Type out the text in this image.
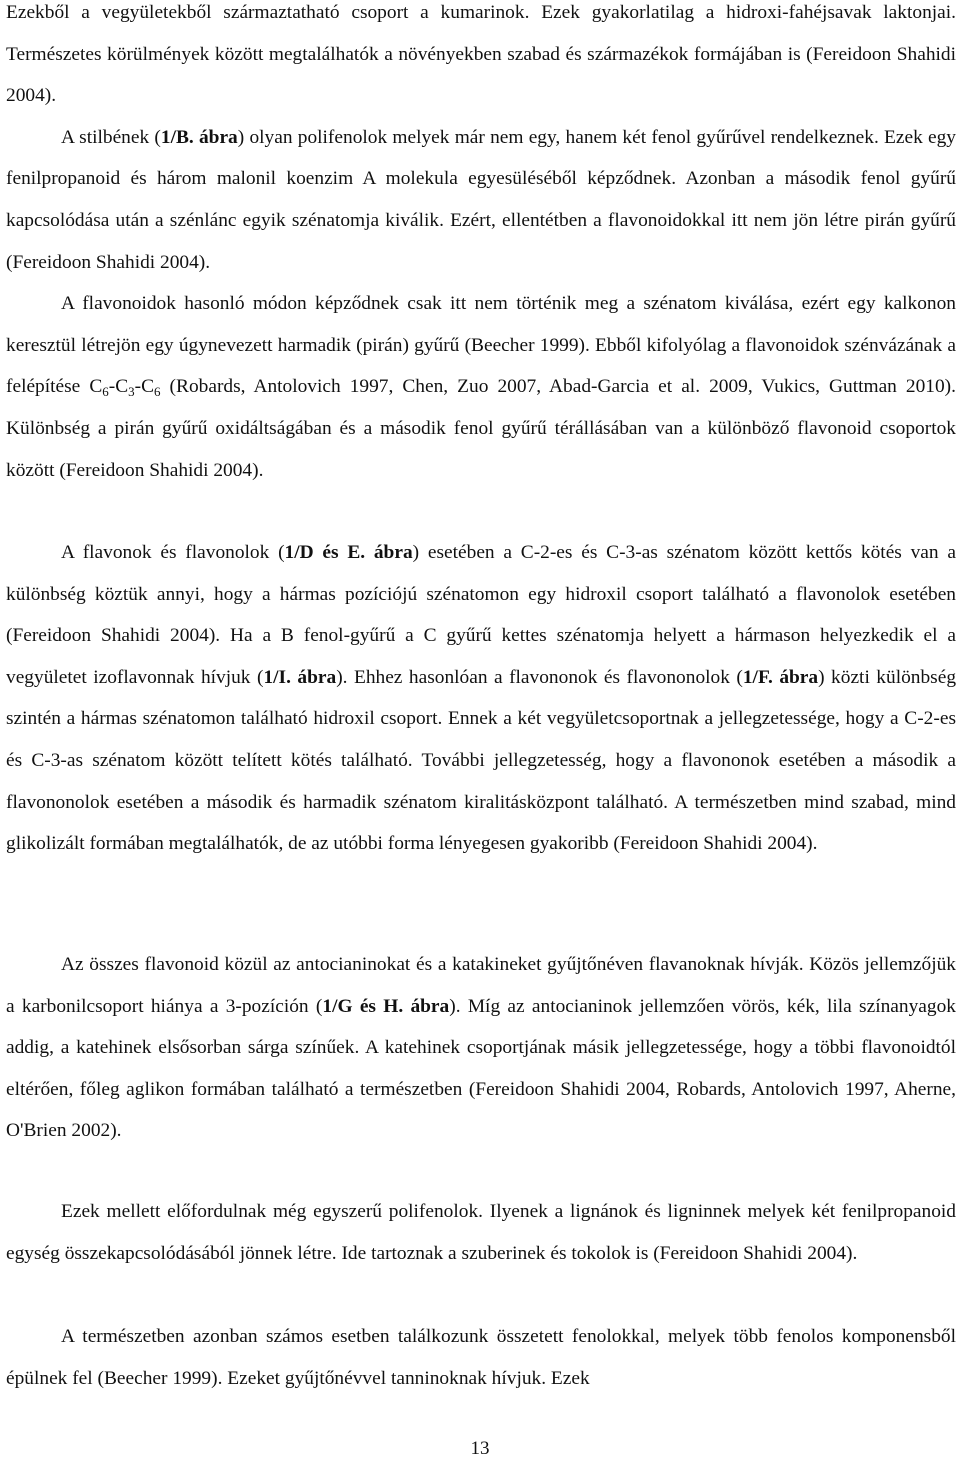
Ezekből a vegyületekből származtatható csoport a kumarinok. Ezek gyakorlatilag a hidroxi-fahéjsavak laktonjai. Természetes körülmények között megtalálhatók a növényekben szabad és származékok formájában is (Fereidoon Shahidi 2004).

A stilbének (1/B. ábra) olyan polifenolok melyek már nem egy, hanem két fenol gyűrűvel rendelkeznek. Ezek egy fenilpropanoid és három malonil koenzim A molekula egyesüléséből képződnek. Azonban a második fenol gyűrű kapcsolódása után a szénlánc egyik szénatomja kiválik. Ezért, ellentétben a flavonoidokkal itt nem jön létre pirán gyűrű (Fereidoon Shahidi 2004).

A flavonoidok hasonló módon képződnek csak itt nem történik meg a szénatom kiválása, ezért egy kalkonon keresztül létrejön egy úgynevezett harmadik (pirán) gyűrű (Beecher 1999). Ebből kifolyólag a flavonoidok szénvázának a felépítése $C_6-C_3-C_6$ (Robards, Antolovich 1997, Chen, Zuo 2007, Abad-Garcia et al. 2009, Vukics, Guttman 2010). Különbség a pirán gyűrű oxidáltságában és a második fenol gyűrű térállásában van a különböző flavonoid csoportok között (Fereidoon Shahidi 2004).

A flavonok és flavonolok (1/D és E. ábra) esetében a C-2-es és C-3-as szénatom között kettős kötés van a különbség köztük annyi, hogy a hármas pozíciójú szénatomon egy hidroxil csoport található a flavonolok esetében (Fereidoon Shahidi 2004). Ha a B fenol-gyűrű a C gyűrű kettes szénatomja helyett a hármason helyezkedik el a vegyületet izoflavonnak hívjuk (1/I. ábra). Ehhez hasonlóan a flavononok és flavononolok (1/F. ábra) közti különbség szintén a hármas szénatomon található hidroxil csoport. Ennek a két vegyületcsoportnak a jellegzetessége, hogy a C-2-es és C-3-as szénatom között telített kötés található. További jellegzetesség, hogy a flavononok esetében a második a flavononolok esetében a második és harmadik szénatom kiralitásközpont található. A természetben mind szabad, mind glikolizált formában megtalálhatók, de az utóbbi forma lényegesen gyakoribb (Fereidoon Shahidi 2004).

Az összes flavonoid közül az antocianinokat és a katakineket gyűjtőnéven flavanoknak hívják. Közös jellemzőjük a karbonilcsoport hiánya a 3-pozíción (1/G és H. ábra). Míg az antocianinok jellemzően vörös, kék, lila színanyagok addig, a katehinek elsősorban sárga színűek. A katehinek csoportjának másik jellegzetessége, hogy a többi flavonoidtól eltérően, főleg aglikon formában található a természetben (Fereidoon Shahidi 2004, Robards, Antolovich 1997, Aherne, O'Brien 2002).

Ezek mellett előfordulnak még egyszerű polifenolok. Ilyenek a lignánok és ligninnek melyek két fenilpropanoid egység összekapcsolódásából jönnek létre. Ide tartoznak a szuberinek és tokolok is (Fereidoon Shahidi 2004).

A természetben azonban számos esetben találkozunk összetett fenolokkal, melyek több fenolos komponensből épülnek fel (Beecher 1999). Ezeket gyűjtőnévvel tanninoknak hívjuk. Ezek

13
